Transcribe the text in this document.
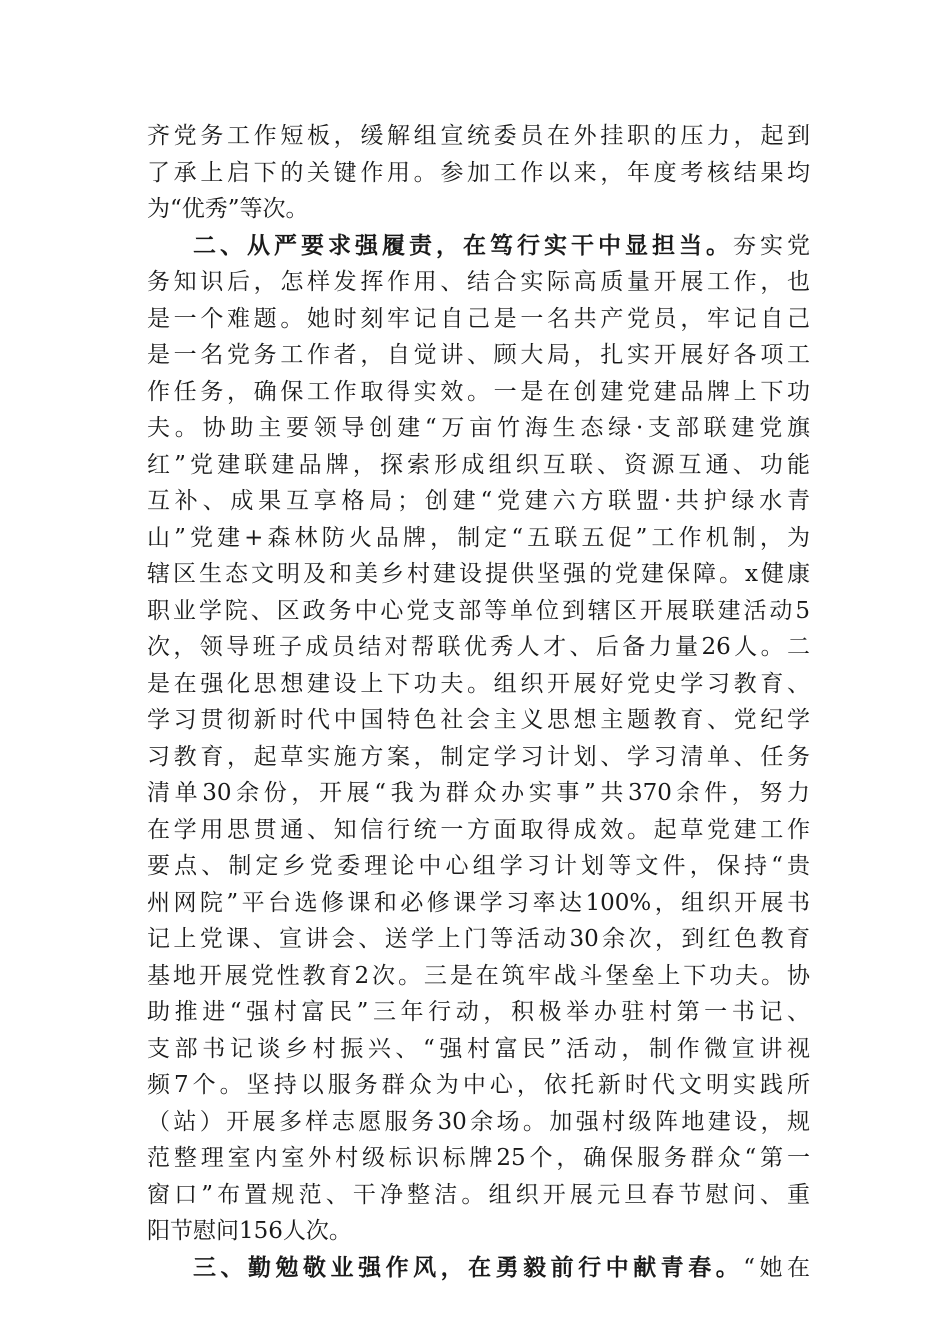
齐党务工作短板，缓解组宣统委员在外挂职的压力，起到
了承上启下的关键作用。参加工作以来，年度考核结果均
为“优秀”等次。
二、从严要求强履责，在笃行实干中显担当。夯实党
务知识后，怎样发挥作用、结合实际高质量开展工作，也
是一个难题。她时刻牢记自己是一名共产党员，牢记自己
是一名党务工作者，自觉讲、顾大局，扎实开展好各项工
作任务，确保工作取得实效。一是在创建党建品牌上下功
夫。协助主要领导创建“万亩竹海生态绿·支部联建党旗
红”党建联建品牌，探索形成组织互联、资源互通、功能
互补、成果互享格局；创建“党建六方联盟·共护绿水青
山”党建+森林防火品牌，制定“五联五促”工作机制，为
辖区生态文明及和美乡村建设提供坚强的党建保障。x健康
职业学院、区政务中心党支部等单位到辖区开展联建活动5
次，领导班子成员结对帮联优秀人才、后备力量26人。二
是在强化思想建设上下功夫。组织开展好党史学习教育、
学习贯彻新时代中国特色社会主义思想主题教育、党纪学
习教育，起草实施方案，制定学习计划、学习清单、任务
清单30余份，开展“我为群众办实事”共370余件，努力
在学用思贯通、知信行统一方面取得成效。起草党建工作
要点、制定乡党委理论中心组学习计划等文件，保持“贵
州网院”平台选修课和必修课学习率达100%，组织开展书
记上党课、宣讲会、送学上门等活动30余次，到红色教育
基地开展党性教育2次。三是在筑牢战斗堡垒上下功夫。协
助推进“强村富民”三年行动，积极举办驻村第一书记、
支部书记谈乡村振兴、“强村富民”活动，制作微宣讲视
频7个。坚持以服务群众为中心，依托新时代文明实践所
（站）开展多样志愿服务30余场。加强村级阵地建设，规
范整理室内室外村级标识标牌25个，确保服务群众“第一
窗口”布置规范、干净整洁。组织开展元旦春节慰问、重
阳节慰问156人次。
三、勤勉敬业强作风，在勇毅前行中献青春。“她在
